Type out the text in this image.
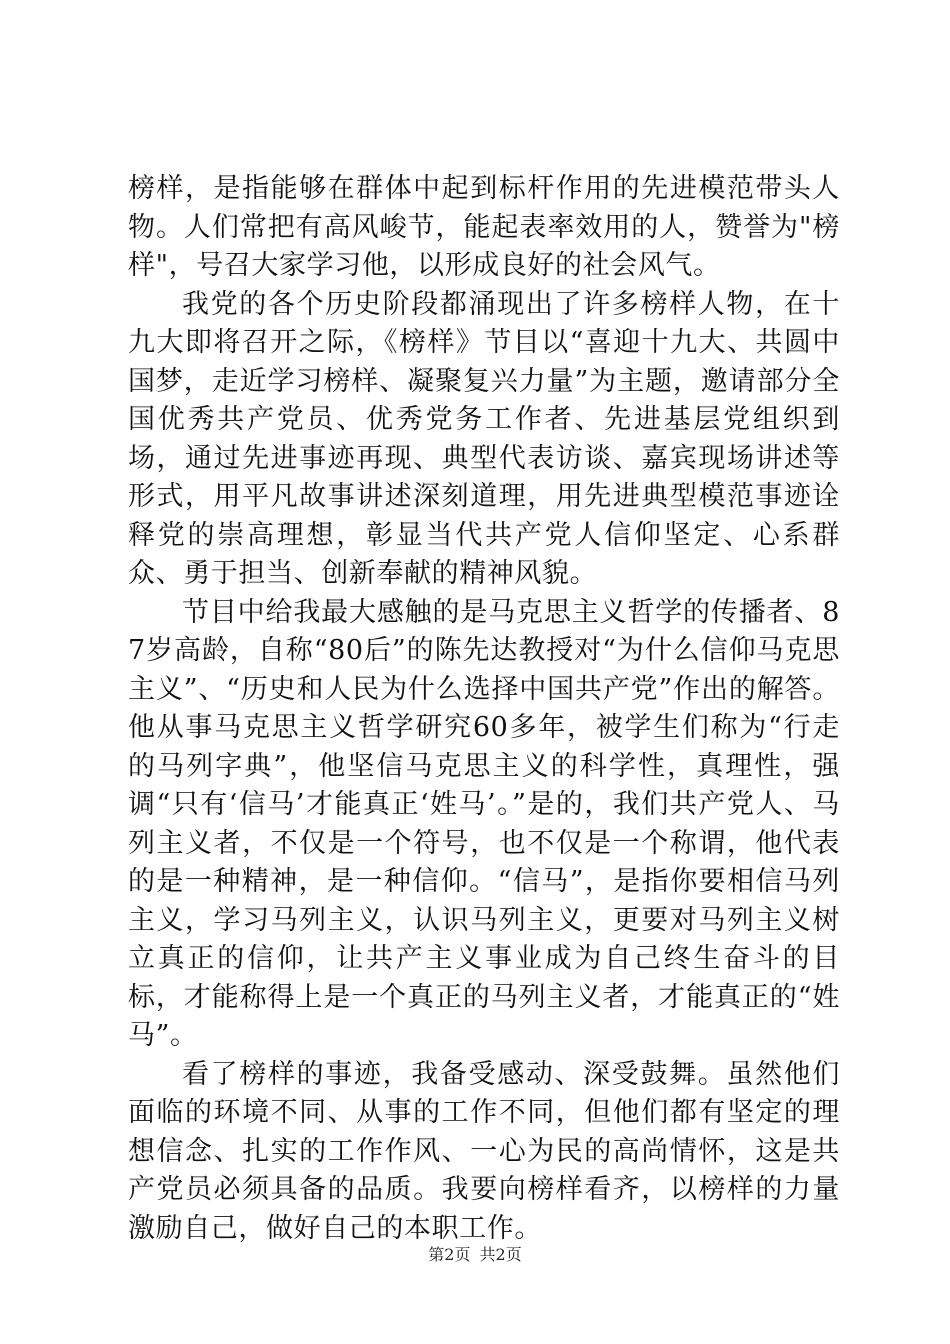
榜样，是指能够在群体中起到标杆作用的先进模范带头人物。人们常把有高风峻节，能起表率效用的人，赞誉为"榜样"，号召大家学习他，以形成良好的社会风气。

我党的各个历史阶段都涌现出了许多榜样人物，在十九大即将召开之际，《榜样》节目以“喜迎十九大、共圆中国梦，走近学习榜样、凝聚复兴力量”为主题，邀请部分全国优秀共产党员、优秀党务工作者、先进基层党组织到场，通过先进事迹再现、典型代表访谈、嘉宾现场讲述等形式，用平凡故事讲述深刻道理，用先进典型模范事迹诠释党的崇高理想，彰显当代共产党人信仰坚定、心系群众、勇于担当、创新奉献的精神风貌。

节目中给我最大感触的是马克思主义哲学的传播者、87岁高龄，自称“80后”的陈先达教授对“为什么信仰马克思主义”、“历史和人民为什么选择中国共产党”作出的解答。他从事马克思主义哲学研究60多年，被学生们称为“行走的马列字典”，他坚信马克思主义的科学性，真理性，强调“只有‘信马’才能真正‘姓马’。”是的，我们共产党人、马列主义者，不仅是一个符号，也不仅是一个称谓，他代表的是一种精神，是一种信仰。“信马”，是指你要相信马列主义，学习马列主义，认识马列主义，更要对马列主义树立真正的信仰，让共产主义事业成为自己终生奋斗的目标，才能称得上是一个真正的马列主义者，才能真正的“姓马”。

看了榜样的事迹，我备受感动、深受鼓舞。虽然他们面临的环境不同、从事的工作不同，但他们都有坚定的理想信念、扎实的工作作风、一心为民的高尚情怀，这是共产党员必须具备的品质。我要向榜样看齐，以榜样的力量激励自己，做好自己的本职工作。

第2页 共2页
